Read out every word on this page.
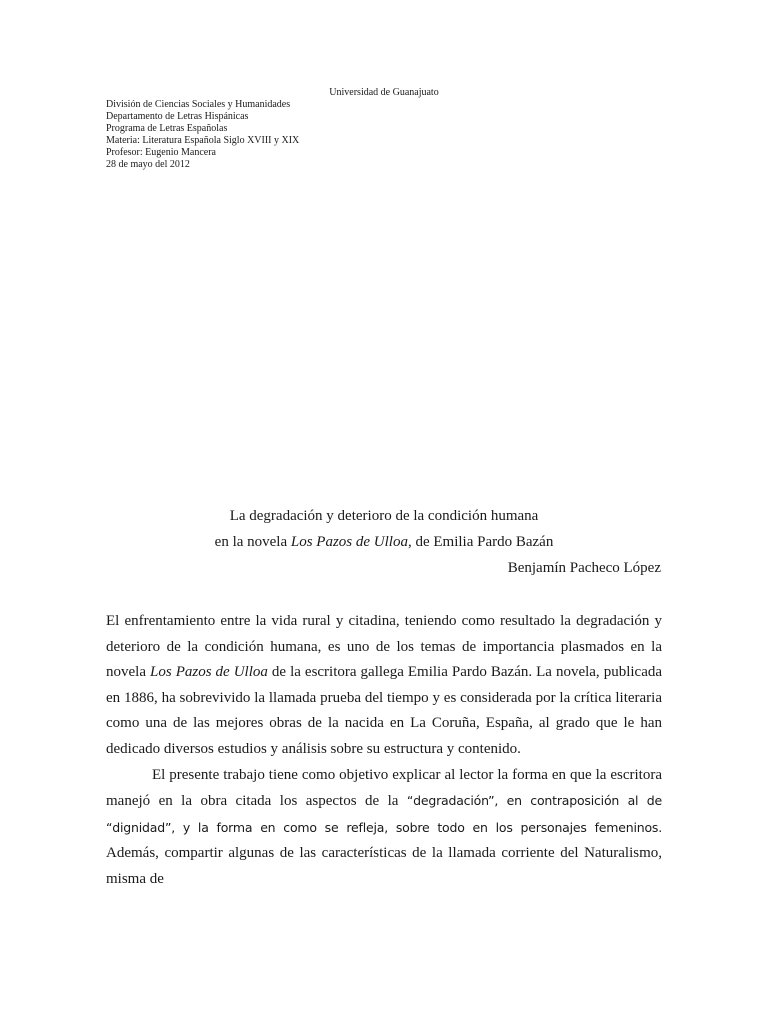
Universidad de Guanajuato
División de Ciencias Sociales y Humanidades
Departamento de Letras Hispánicas
Programa de Letras Españolas
Materia: Literatura Española Siglo XVIII y XIX
Profesor: Eugenio Mancera
28 de mayo del 2012
La degradación y deterioro de la condición humana
en la novela Los Pazos de Ulloa, de Emilia Pardo Bazán
Benjamín Pacheco López

El enfrentamiento entre la vida rural y citadina, teniendo como resultado la degradación y deterioro de la condición humana, es uno de los temas de importancia plasmados en la novela Los Pazos de Ulloa de la escritora gallega Emilia Pardo Bazán. La novela, publicada en 1886, ha sobrevivido la llamada prueba del tiempo y es considerada por la crítica literaria como una de las mejores obras de la nacida en La Coruña, España, al grado que le han dedicado diversos estudios y análisis sobre su estructura y contenido.

El presente trabajo tiene como objetivo explicar al lector la forma en que la escritora manejó en la obra citada los aspectos de la “degradación”, en contraposición al de “dignidad”, y la forma en como se refleja, sobre todo en los personajes femeninos. Además, compartir algunas de las características de la llamada corriente del Naturalismo, misma de
